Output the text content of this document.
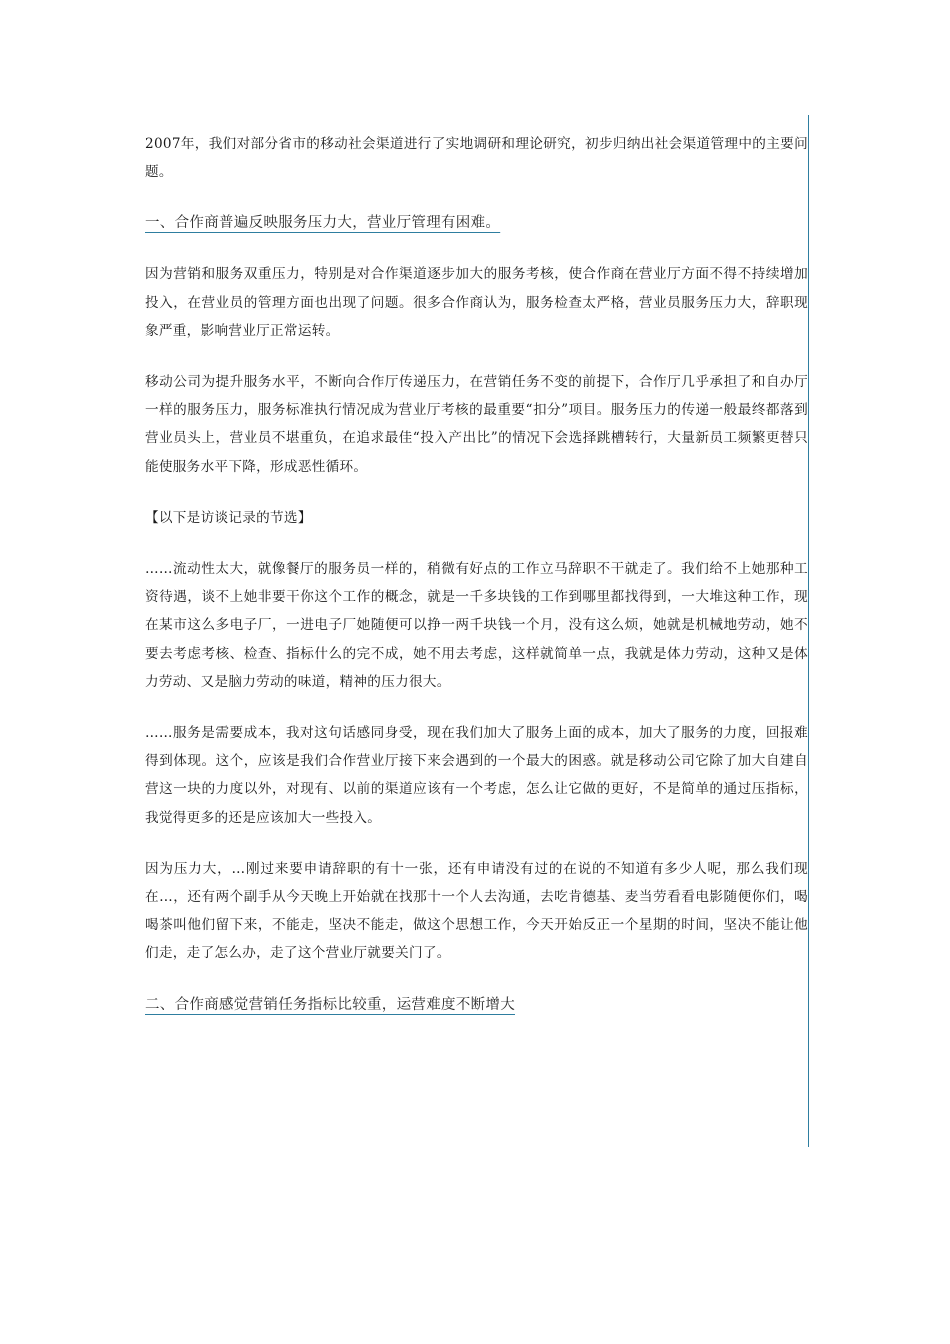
2007年，我们对部分省市的移动社会渠道进行了实地调研和理论研究，初步归纳出社会渠道管理中的主要问题。

一、合作商普遍反映服务压力大，营业厅管理有困难。

因为营销和服务双重压力，特别是对合作渠道逐步加大的服务考核，使合作商在营业厅方面不得不持续增加投入，在营业员的管理方面也出现了问题。很多合作商认为，服务检查太严格，营业员服务压力大，辞职现象严重，影响营业厅正常运转。

移动公司为提升服务水平，不断向合作厅传递压力，在营销任务不变的前提下，合作厅几乎承担了和自办厅一样的服务压力，服务标准执行情况成为营业厅考核的最重要“扣分”项目。服务压力的传递一般最终都落到营业员头上，营业员不堪重负，在追求最佳“投入产出比”的情况下会选择跳槽转行，大量新员工频繁更替只能使服务水平下降，形成恶性循环。

【以下是访谈记录的节选】

……流动性太大，就像餐厅的服务员一样的，稍微有好点的工作立马辞职不干就走了。我们给不上她那种工资待遇，谈不上她非要干你这个工作的概念，就是一千多块钱的工作到哪里都找得到，一大堆这种工作，现在某市这么多电子厂，一进电子厂她随便可以挣一两千块钱一个月，没有这么烦，她就是机械地劳动，她不要去考虑考核、检查、指标什么的完不成，她不用去考虑，这样就简单一点，我就是体力劳动，这种又是体力劳动、又是脑力劳动的味道，精神的压力很大。

……服务是需要成本，我对这句话感同身受，现在我们加大了服务上面的成本，加大了服务的力度，回报难得到体现。这个，应该是我们合作营业厅接下来会遇到的一个最大的困惑。就是移动公司它除了加大自建自营这一块的力度以外，对现有、以前的渠道应该有一个考虑，怎么让它做的更好，不是简单的通过压指标，我觉得更多的还是应该加大一些投入。

因为压力大，…刚过来要申请辞职的有十一张，还有申请没有过的在说的不知道有多少人呢，那么我们现在…，还有两个副手从今天晚上开始就在找那十一个人去沟通，去吃肯德基、麦当劳看看电影随便你们，喝喝茶叫他们留下来，不能走，坚决不能走，做这个思想工作，今天开始反正一个星期的时间，坚决不能让他们走，走了怎么办，走了这个营业厅就要关门了。

二、合作商感觉营销任务指标比较重，运营难度不断增大
